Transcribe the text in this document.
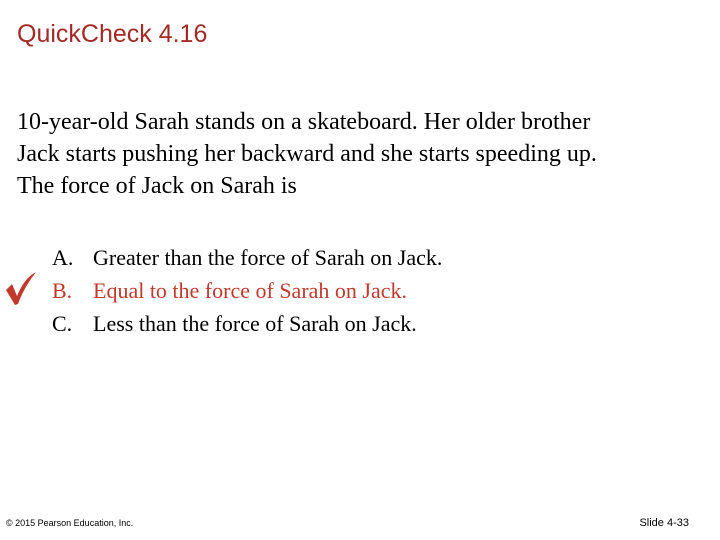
QuickCheck 4.16
10-year-old Sarah stands on a skateboard. Her older brother
Jack starts pushing her backward and she starts speeding up.
The force of Jack on Sarah is
A. Greater than the force of Sarah on Jack.
B. Equal to the force of Sarah on Jack.
C. Less than the force of Sarah on Jack.
© 2015 Pearson Education, Inc.	Slide 4-33
